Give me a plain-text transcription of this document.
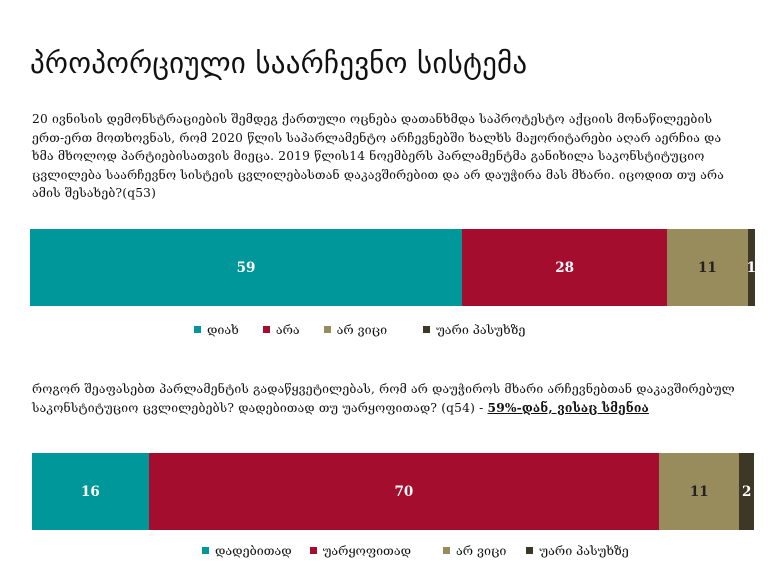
პროპორციული საარჩევნო სისტემა
20 ივნისის დემონსტრაციების შემდეგ ქართული ოცნება დათანხმდა საპროტესტო აქციის მონაწილეების ერთ-ერთ მოთხოვნას, რომ 2020 წლის საპარლამენტო არჩევნებში ხალხს მაჟორიტარები აღარ აერჩია და ხმა მხოლოდ პარტიებისათვის მიეცა. 2019 წლის14 ნოემბერს პარლამენტმა განიხილა საკონსტიტუციო ცვლილება საარჩევნო სისტეის ცვლილებასთან დაკავშირებით და არ დაუჭირა მას მხარი. იცოდით თუ არა ამის შესახებ?(q53)
59	28	11 1
დიახ	არა	არ ვიცი	უარი პასუხზე
როგორ შეაფასებთ პარლამენტის გადაწყვეტილებას, რომ არ დაუჭიროს მხარი არჩევნებთან დაკავშირებულ საკონსტიტუციო ცვლილებებს? დადებითად თუ უარყოფითად? (q54) - 59%-დან, ვისაც სმენია
16	70	11 2
დადებითად უარყოფითად	არ ვიცი	უარი პასუხზე
